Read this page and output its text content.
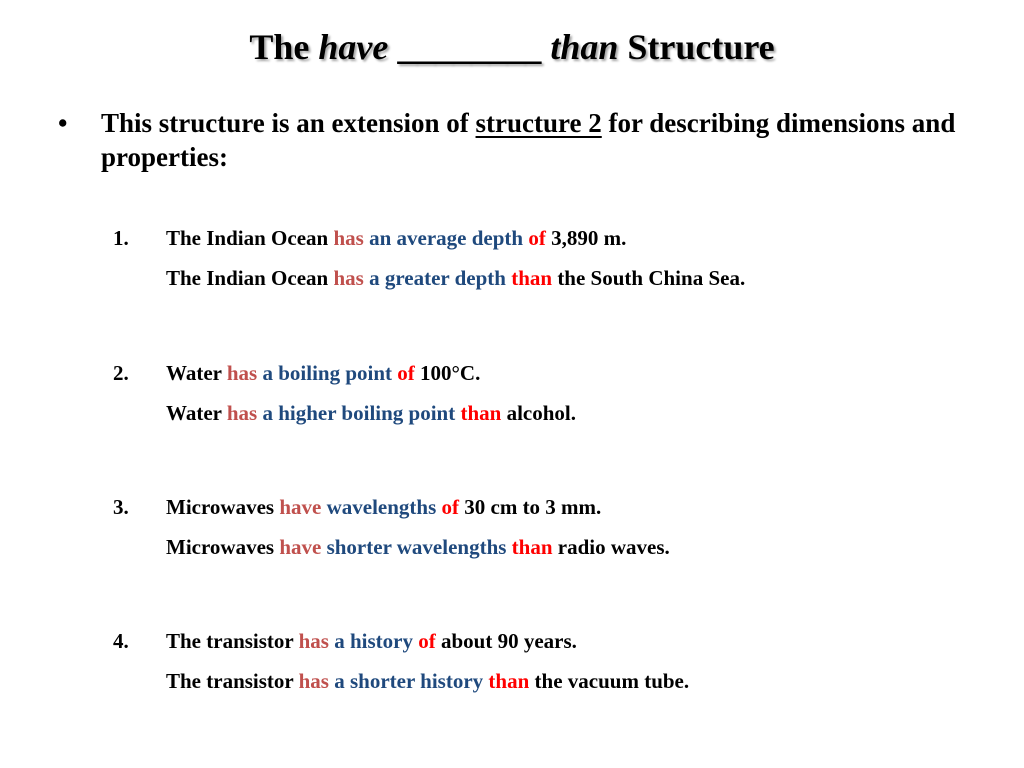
The have ________ than Structure
• This structure is an extension of structure 2 for describing dimensions and properties:
1. The Indian Ocean has an average depth of 3,890 m.
The Indian Ocean has a greater depth than the South China Sea.
2. Water has a boiling point of 100°C.
Water has a higher boiling point than alcohol.
3. Microwaves have wavelengths of 30 cm to 3 mm.
Microwaves have shorter wavelengths than radio waves.
4. The transistor has a history of about 90 years.
The transistor has a shorter history than the vacuum tube.
